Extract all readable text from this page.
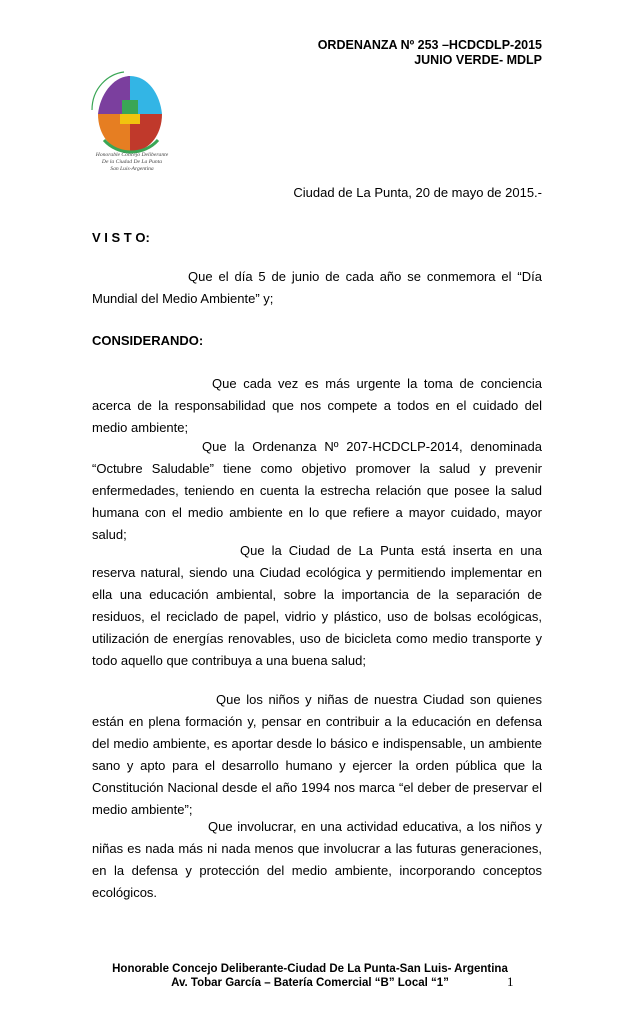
ORDENANZA Nº 253 –HCDCDLP-2015
JUNIO VERDE- MDLP
Honorable Concejo Deliberante
De la Ciudad De La Punta
San Luis-Argentina
Ciudad de La Punta, 20 de mayo de 2015.-
V I S T O:

Que el día 5 de junio de cada año se conmemora el “Día Mundial del Medio Ambiente” y;

CONSIDERANDO:

Que cada vez es más urgente la toma de conciencia acerca de la responsabilidad que nos compete a todos en el cuidado del medio ambiente;

Que la Ordenanza Nº 207-HCDCLP-2014, denominada “Octubre Saludable” tiene como objetivo promover la salud y prevenir enfermedades, teniendo en cuenta la estrecha relación que posee la salud humana con el medio ambiente en lo que refiere a mayor cuidado, mayor salud;

Que la Ciudad de La Punta está inserta en una reserva natural, siendo una Ciudad ecológica y permitiendo implementar en ella una educación ambiental, sobre la importancia de la separación de residuos, el reciclado de papel, vidrio y plástico, uso de bolsas ecológicas, utilización de energías renovables, uso de bicicleta como medio transporte y todo aquello que contribuya a una buena salud;

Que los niños y niñas de nuestra Ciudad son quienes están en plena formación y, pensar en contribuir a la educación en defensa del medio ambiente, es aportar desde lo básico e indispensable, un ambiente sano y apto para el desarrollo humano y ejercer la orden pública que la Constitución Nacional desde el año 1994 nos marca “el deber de preservar el medio ambiente”;

Que involucrar, en una actividad educativa, a los niños y niñas es nada más ni nada menos que involucrar a las futuras generaciones, en la defensa y protección del medio ambiente, incorporando conceptos ecológicos.

Honorable Concejo Deliberante-Ciudad De La Punta-San Luis- Argentina
Av. Tobar García – Batería Comercial “B” Local “1”	1
